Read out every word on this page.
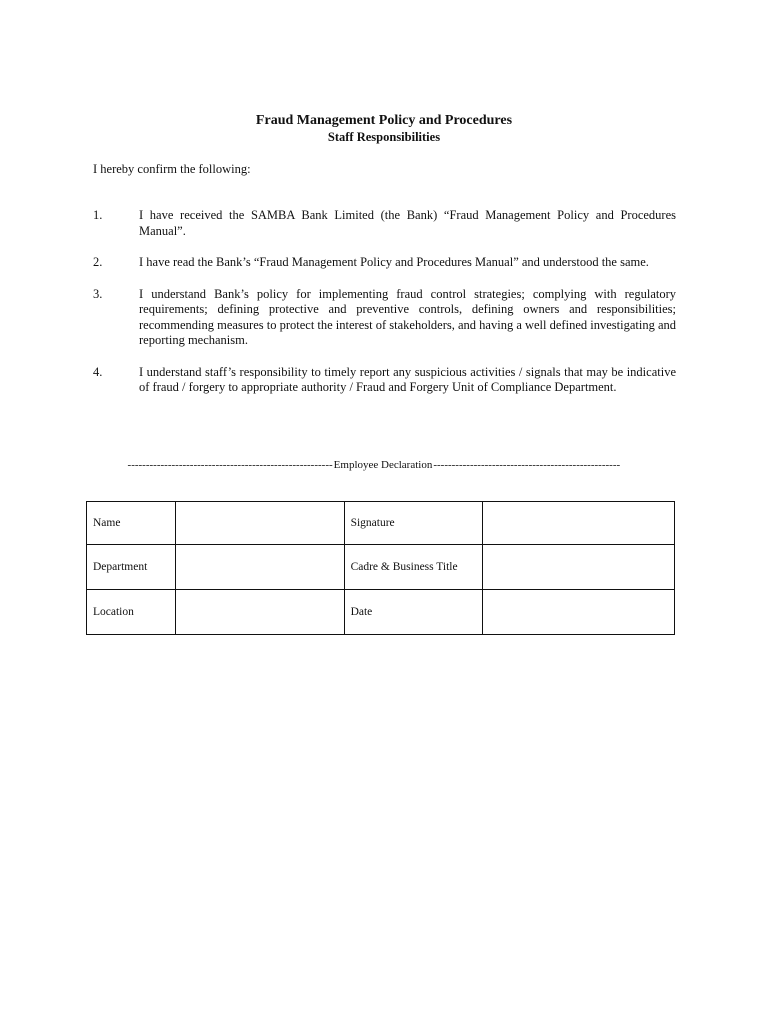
Fraud Management Policy and Procedures
Staff Responsibilities
I hereby confirm the following:
1.	I have received the SAMBA Bank Limited (the Bank) “Fraud Management Policy and Procedures Manual”.
2.	I have read the Bank’s “Fraud Management Policy and Procedures Manual” and understood the same.
3.	I understand Bank’s policy for implementing fraud control strategies; complying with regulatory requirements; defining protective and preventive controls, defining owners and responsibilities; recommending measures to protect the interest of stakeholders, and having a well defined investigating and reporting mechanism.
4.	I understand staff’s responsibility to timely report any suspicious activities / signals that may be indicative of fraud / forgery to appropriate authority / Fraud and Forgery Unit of Compliance Department.
-------------------------------------------------------- Employee Declaration ---------------------------------------------------
Name		Signature	
Department		Cadre & Business Title	
Location		Date	
